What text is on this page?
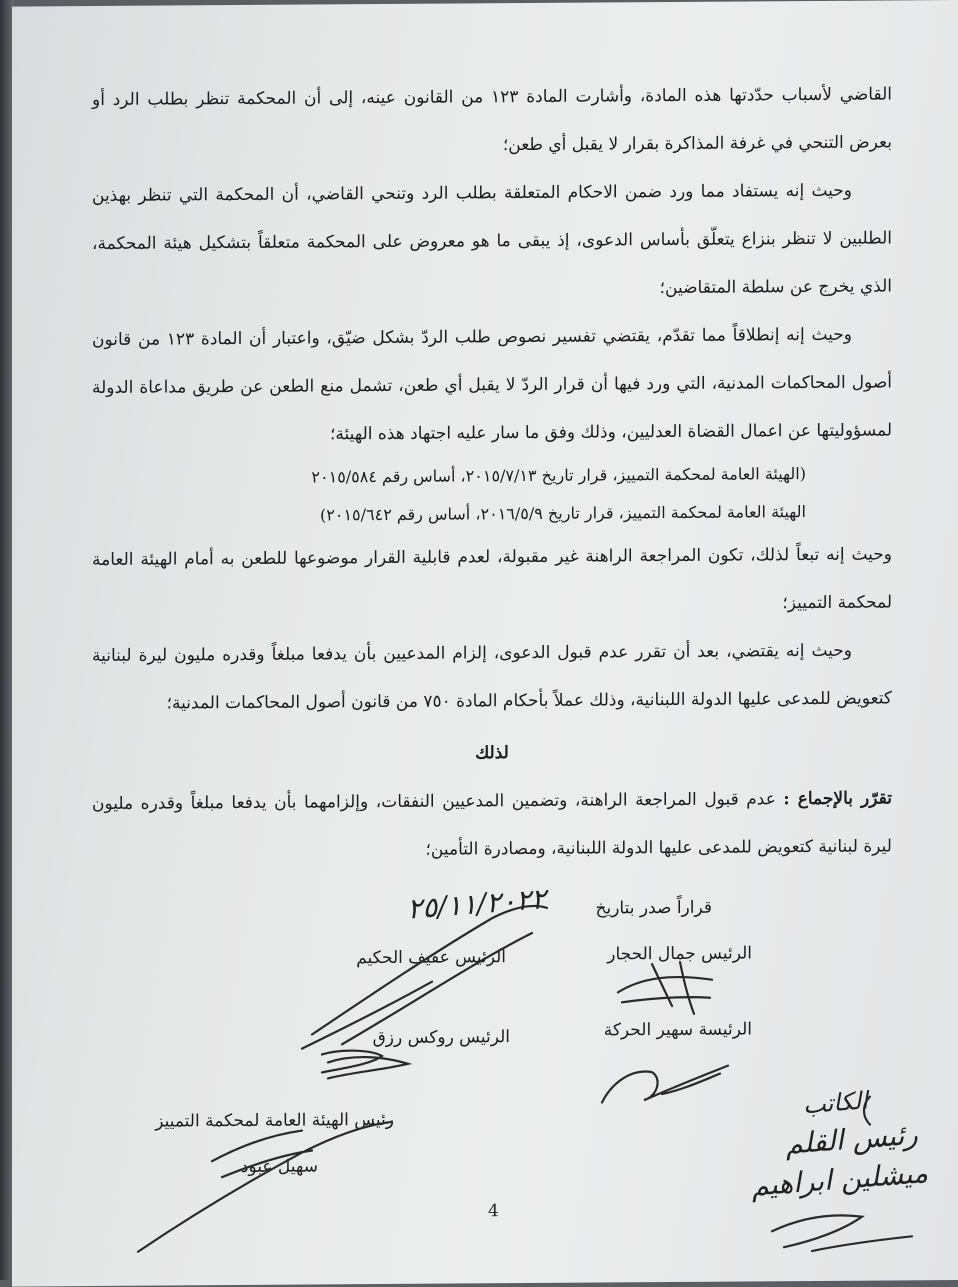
القاضي لأسباب حدّدتها هذه المادة، وأشارت المادة ١٢٣ من القانون عينه، إلى أن المحكمة تنظر بطلب الرد أو بعرض التنحي في غرفة المذاكرة بقرار لا يقبل أي طعن؛

وحيث إنه يستفاد مما ورد ضمن الاحكام المتعلقة بطلب الرد وتنحي القاضي، أن المحكمة التي تنظر بهذين الطلبين لا تنظر بنزاع يتعلّق بأساس الدعوى، إذ يبقى ما هو معروض على المحكمة متعلقاً بتشكيل هيئة المحكمة، الذي يخرج عن سلطة المتقاضين؛

وحيث إنه إنطلاقاً مما تقدّم، يقتضي تفسير نصوص طلب الردّ بشكل ضيّق، واعتبار أن المادة ١٢٣ من قانون أصول المحاكمات المدنية، التي ورد فيها أن قرار الردّ لا يقبل أي طعن، تشمل منع الطعن عن طريق مداعاة الدولة لمسؤوليتها عن اعمال القضاة العدليين، وذلك وفق ما سار عليه اجتهاد هذه الهيئة؛

(الهيئة العامة لمحكمة التمييز، قرار تاريخ ٢٠١٥/٧/١٣، أساس رقم ٢٠١٥/٥٨٤

الهيئة العامة لمحكمة التمييز، قرار تاريخ ٢٠١٦/٥/٩، أساس رقم ٢٠١٥/٦٤٢)

وحيث إنه تبعاً لذلك، تكون المراجعة الراهنة غير مقبولة، لعدم قابلية القرار موضوعها للطعن به أمام الهيئة العامة لمحكمة التمييز؛

وحيث إنه يقتضي، بعد أن تقرر عدم قبول الدعوى، إلزام المدعيين بأن يدفعا مبلغاً وقدره مليون ليرة لبنانية كتعويض للمدعى عليها الدولة اللبنانية، وذلك عملاً بأحكام المادة ٧٥٠ من قانون أصول المحاكمات المدنية؛

لذلك

تقرّر بالإجماع : عدم قبول المراجعة الراهنة، وتضمين المدعيين النفقات، وإلزامهما بأن يدفعا مبلغاً وقدره مليون ليرة لبنانية كتعويض للمدعى عليها الدولة اللبنانية، ومصادرة التأمين؛

قراراً صدر بتاريخ
٢٥/١١/٢٠٢٢
الرئيس جمال الحجار
الرئيس عفيف الحكيم
الرئيسة سهير الحركة
الرئيس روكس رزق
رئيس الهيئة العامة لمحكمة التمييز
سهيل عبود
الكاتب
رئيس القلم
ميشلين ابراهيم
4
